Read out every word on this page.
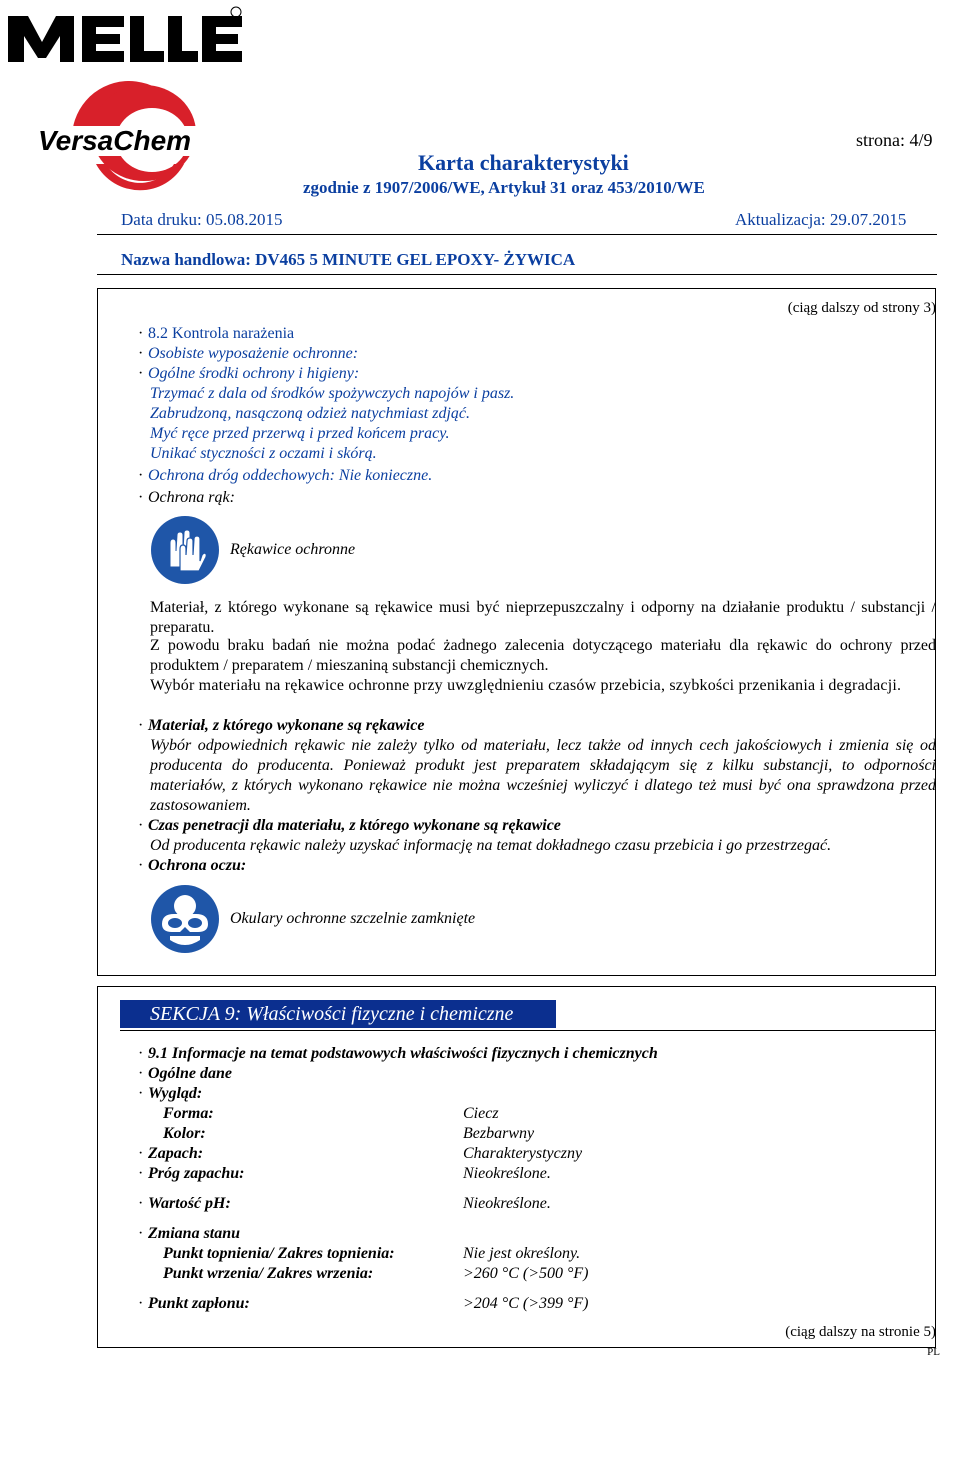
VersaChem	strona: 4/9
Karta charakterystyki
zgodnie z 1907/2006/WE, Artykuł 31 oraz 453/2010/WE
Data druku: 05.08.2015	Aktualizacja: 29.07.2015
Nazwa handlowa: DV465 5 MINUTE GEL EPOXY- ŻYWICA
(ciąg dalszy od strony 3)
· 8.2 Kontrola narażenia
· Osobiste wyposażenie ochronne:
· Ogólne środki ochrony i higieny:
Trzymać z dala od środków spożywczych napojów i pasz.
Zabrudzoną, nasączoną odzież natychmiast zdjąć.
Myć ręce przed przerwą i przed końcem pracy.
Unikać styczności z oczami i skórą.
· Ochrona dróg oddechowych: Nie konieczne.
· Ochrona rąk:
Rękawice ochronne
Materiał, z którego wykonane są rękawice musi być nieprzepuszczalny i odporny na działanie produktu / substancji / preparatu.
Z powodu braku badań nie można podać żadnego zalecenia dotyczącego materiału dla rękawic do ochrony przed produktem / preparatem / mieszaniną substancji chemicznych.
Wybór materiału na rękawice ochronne przy uwzględnieniu czasów przebicia, szybkości przenikania i degradacji.
· Materiał, z którego wykonane są rękawice
Wybór odpowiednich rękawic nie zależy tylko od materiału, lecz także od innych cech jakościowych i zmienia się od producenta do producenta. Ponieważ produkt jest preparatem składającym się z kilku substancji, to odporności materiałów, z których wykonano rękawice nie można wcześniej wyliczyć i dlatego też musi być ona sprawdzona przed zastosowaniem.
· Czas penetracji dla materiału, z którego wykonane są rękawice
Od producenta rękawic należy uzyskać informację na temat dokładnego czasu przebicia i go przestrzegać.
· Ochrona oczu:
Okulary ochronne szczelnie zamknięte
SEKCJA 9: Właściwości fizyczne i chemiczne
· 9.1 Informacje na temat podstawowych właściwości fizycznych i chemicznych
· Ogólne dane
· Wygląd:
Forma:	Ciecz
Kolor:	Bezbarwny
· Zapach:	Charakterystyczny
· Próg zapachu:	Nieokreślone.
· Wartość pH:	Nieokreślone.
· Zmiana stanu
Punkt topnienia/ Zakres topnienia:	Nie jest określony.
Punkt wrzenia/ Zakres wrzenia:	>260 °C (>500 °F)
· Punkt zapłonu:	>204 °C (>399 °F)
(ciąg dalszy na stronie 5)
PL
